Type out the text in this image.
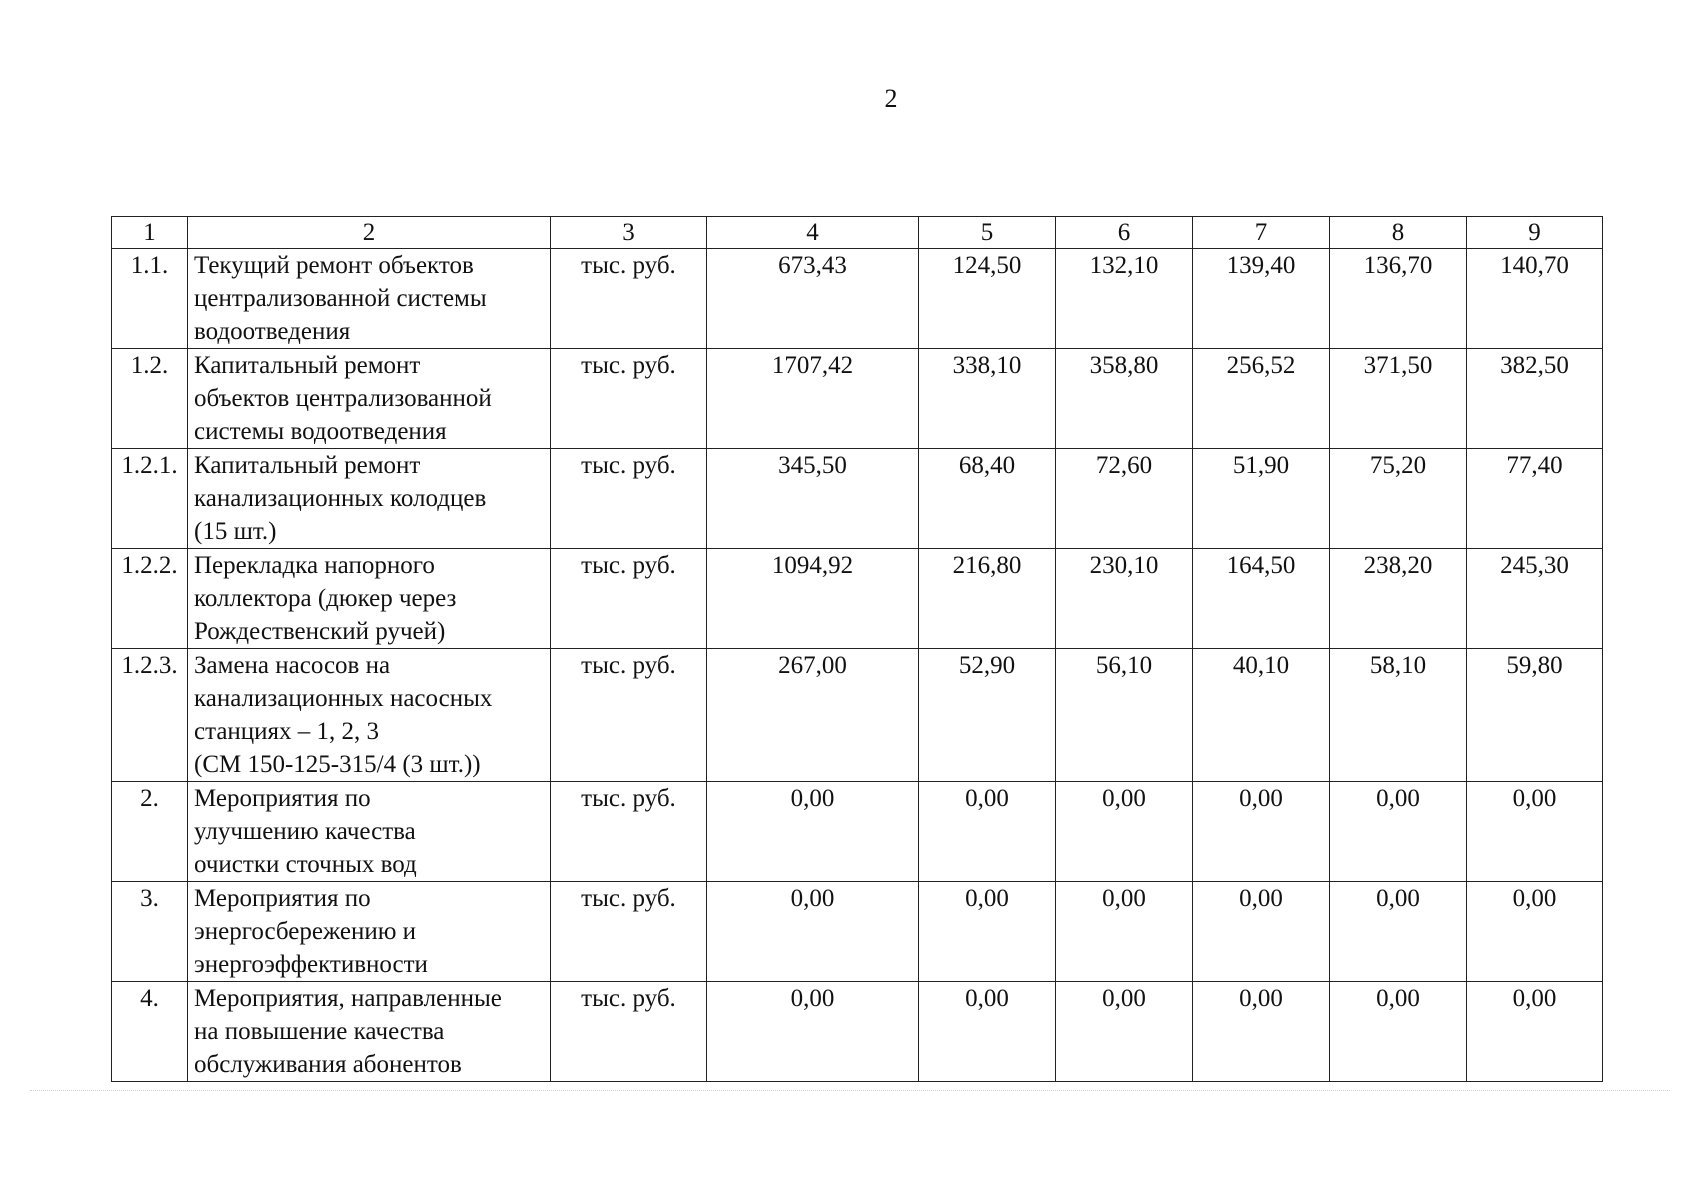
2
1	2	3	4	5	6	7	8	9
1.1.	Текущий ремонт объектов
централизованной системы
водоотведения	тыс. руб.	673,43	124,50	132,10	139,40	136,70	140,70
1.2.	Капитальный ремонт
объектов централизованной
системы водоотведения	тыс. руб.	1707,42	338,10	358,80	256,52	371,50	382,50
1.2.1.	Капитальный ремонт
канализационных колодцев
(15 шт.)	тыс. руб.	345,50	68,40	72,60	51,90	75,20	77,40
1.2.2.	Перекладка напорного
коллектора (дюкер через
Рождественский ручей)	тыс. руб.	1094,92	216,80	230,10	164,50	238,20	245,30
1.2.3.	Замена насосов на
канализационных насосных
станциях – 1, 2, 3
(СМ 150-125-315/4 (3 шт.))	тыс. руб.	267,00	52,90	56,10	40,10	58,10	59,80
2.	Мероприятия по
улучшению качества
очистки сточных вод	тыс. руб.	0,00	0,00	0,00	0,00	0,00	0,00
3.	Мероприятия по
энергосбережению и
энергоэффективности	тыс. руб.	0,00	0,00	0,00	0,00	0,00	0,00
4.	Мероприятия, направленные
на повышение качества
обслуживания абонентов	тыс. руб.	0,00	0,00	0,00	0,00	0,00	0,00
